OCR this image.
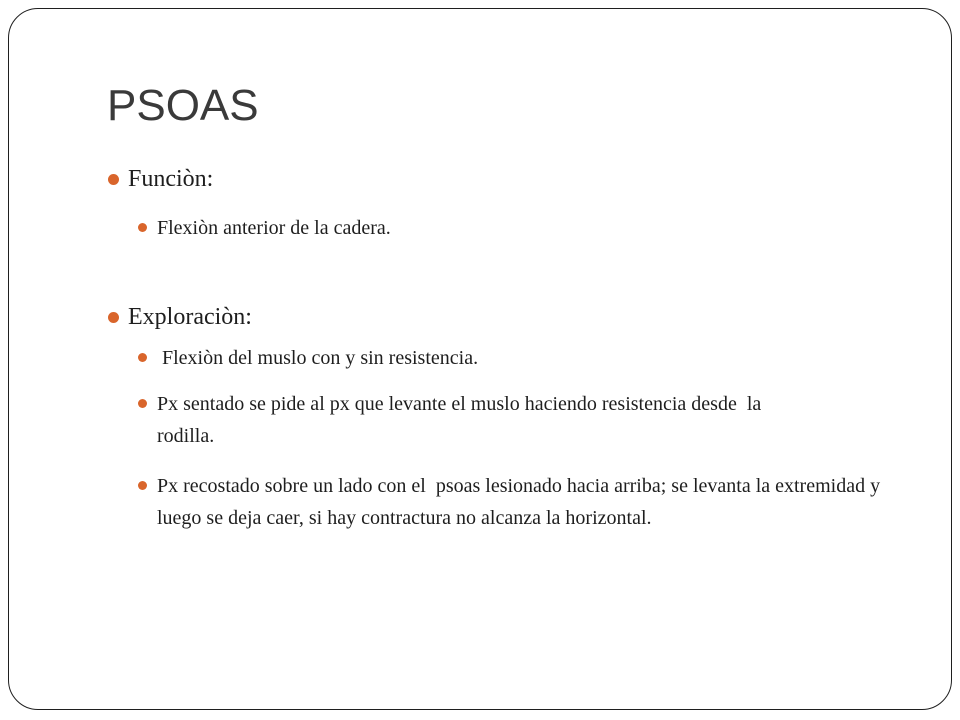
PSOAS
Funciòn:
Flexiòn anterior de la cadera.
Exploraciòn:
Flexiòn del muslo con y sin resistencia.
Px sentado se pide al px que levante el muslo haciendo resistencia desde  la rodilla.
Px recostado sobre un lado con el  psoas lesionado hacia arriba; se levanta la extremidad y luego se deja caer, si hay contractura no alcanza la horizontal.
